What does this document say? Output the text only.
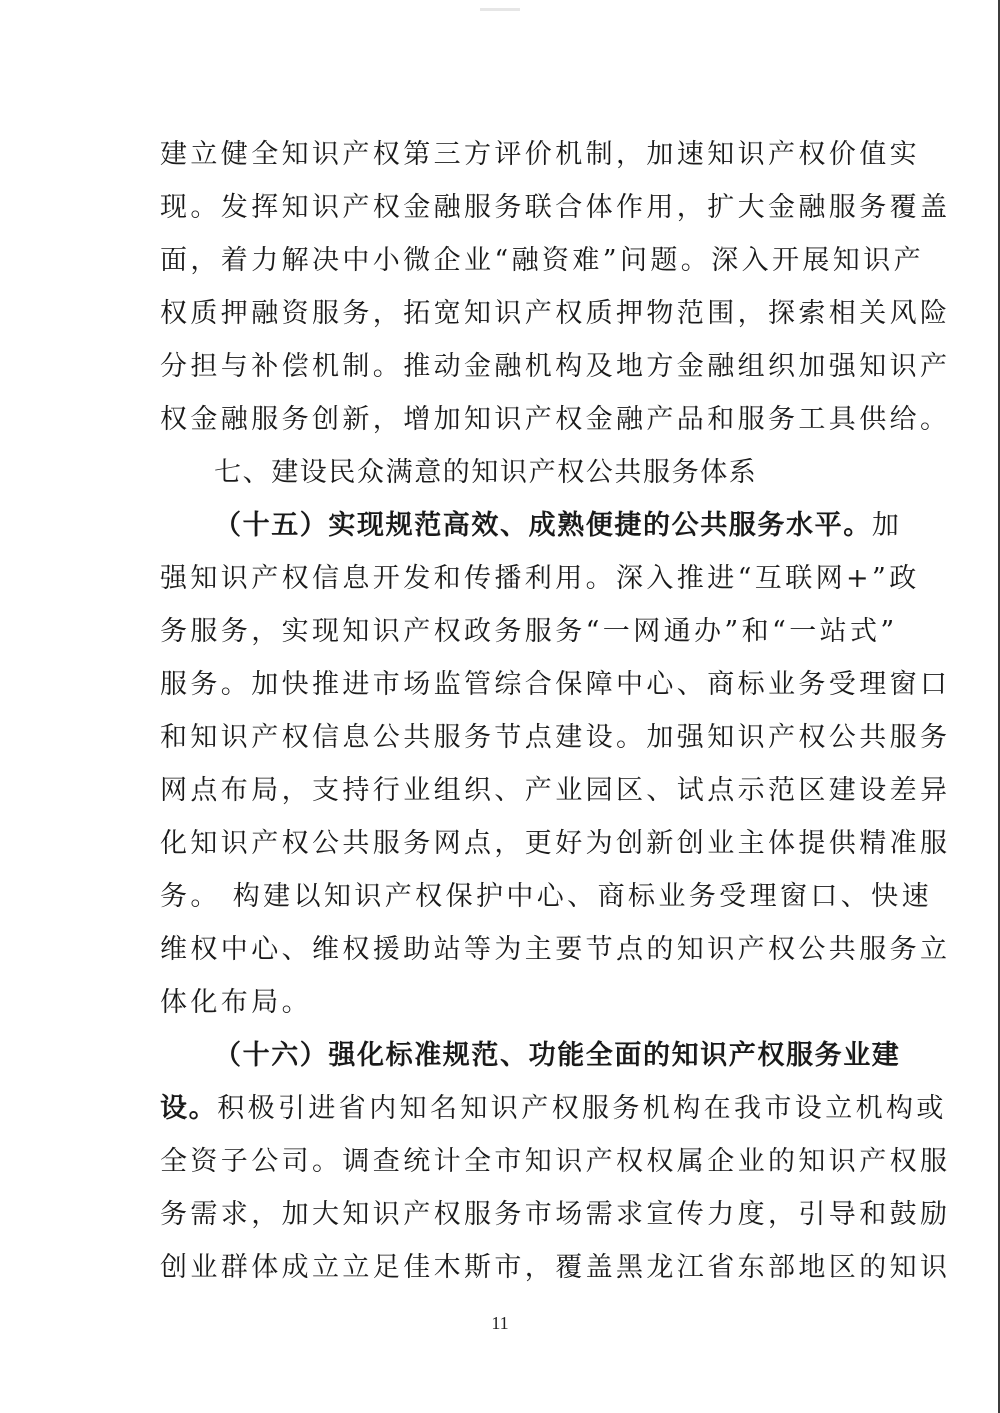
建立健全知识产权第三方评价机制，加速知识产权价值实
现。发挥知识产权金融服务联合体作用，扩大金融服务覆盖
面，着力解决中小微企业“融资难”问题。深入开展知识产
权质押融资服务，拓宽知识产权质押物范围，探索相关风险
分担与补偿机制。推动金融机构及地方金融组织加强知识产
权金融服务创新，增加知识产权金融产品和服务工具供给。
七、建设民众满意的知识产权公共服务体系
（十五）实现规范高效、成熟便捷的公共服务水平。加
强知识产权信息开发和传播利用。深入推进“互联网+”政
务服务，实现知识产权政务服务“一网通办”和“一站式”
服务。加快推进市场监管综合保障中心、商标业务受理窗口
和知识产权信息公共服务节点建设。加强知识产权公共服务
网点布局，支持行业组织、产业园区、试点示范区建设差异
化知识产权公共服务网点，更好为创新创业主体提供精准服
务。 构建以知识产权保护中心、商标业务受理窗口、快速
维权中心、维权援助站等为主要节点的知识产权公共服务立
体化布局。
（十六）强化标准规范、功能全面的知识产权服务业建
设。积极引进省内知名知识产权服务机构在我市设立机构或
全资子公司。调查统计全市知识产权权属企业的知识产权服
务需求，加大知识产权服务市场需求宣传力度，引导和鼓励
创业群体成立立足佳木斯市，覆盖黑龙江省东部地区的知识
11
